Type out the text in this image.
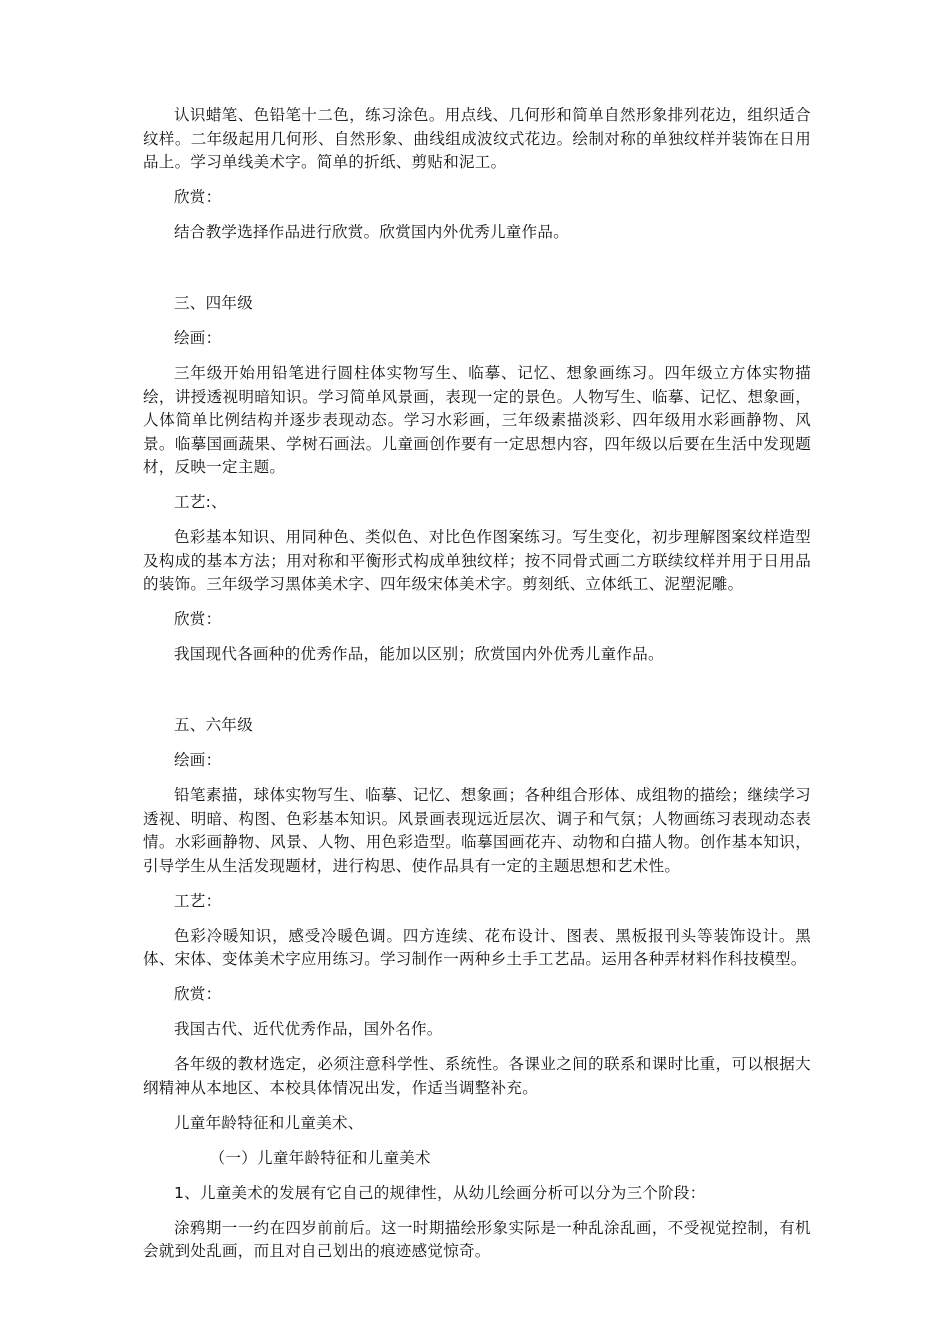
认识蜡笔、色铅笔十二色，练习涂色。用点线、几何形和简单自然形象排列花边，组织适合纹样。二年级起用几何形、自然形象、曲线组成波纹式花边。绘制对称的单独纹样并装饰在日用品上。学习单线美术字。简单的折纸、剪贴和泥工。

欣赏：

结合教学选择作品进行欣赏。欣赏国内外优秀儿童作品。

三、四年级

绘画：

三年级开始用铅笔进行圆柱体实物写生、临摹、记忆、想象画练习。四年级立方体实物描绘，讲授透视明暗知识。学习简单风景画，表现一定的景色。人物写生、临摹、记忆、想象画，人体简单比例结构并逐步表现动态。学习水彩画，三年级素描淡彩、四年级用水彩画静物、风景。临摹国画蔬果、学树石画法。儿童画创作要有一定思想内容，四年级以后要在生活中发现题材，反映一定主题。

工艺:、

色彩基本知识、用同种色、类似色、对比色作图案练习。写生变化，初步理解图案纹样造型及构成的基本方法；用对称和平衡形式构成单独纹样；按不同骨式画二方联续纹样并用于日用品的装饰。三年级学习黑体美术字、四年级宋体美术字。剪刻纸、立体纸工、泥塑泥雕。

欣赏：

我国现代各画种的优秀作品，能加以区别；欣赏国内外优秀儿童作品。

五、六年级

绘画：

铅笔素描，球体实物写生、临摹、记忆、想象画；各种组合形体、成组物的描绘；继续学习透视、明暗、构图、色彩基本知识。风景画表现远近层次、调子和气氛；人物画练习表现动态表情。水彩画静物、风景、人物、用色彩造型。临摹国画花卉、动物和白描人物。创作基本知识，引导学生从生活发现题材，进行构思、使作品具有一定的主题思想和艺术性。

工艺：

色彩冷暖知识，感受冷暖色调。四方连续、花布设计、图表、黑板报刊头等装饰设计。黑体、宋体、变体美术字应用练习。学习制作一两种乡土手工艺品。运用各种弄材料作科技模型。

欣赏：

我国古代、近代优秀作品，国外名作。

各年级的教材选定，必须注意科学性、系统性。各课业之间的联系和课时比重，可以根据大纲精神从本地区、本校具体情况出发，作适当调整补充。

儿童年龄特征和儿童美术、

（一）儿童年龄特征和儿童美术

1、儿童美术的发展有它自己的规律性，从幼儿绘画分析可以分为三个阶段：

涂鸦期一一约在四岁前前后。这一时期描绘形象实际是一种乱涂乱画，不受视觉控制，有机会就到处乱画，而且对自己划出的痕迹感觉惊奇。
